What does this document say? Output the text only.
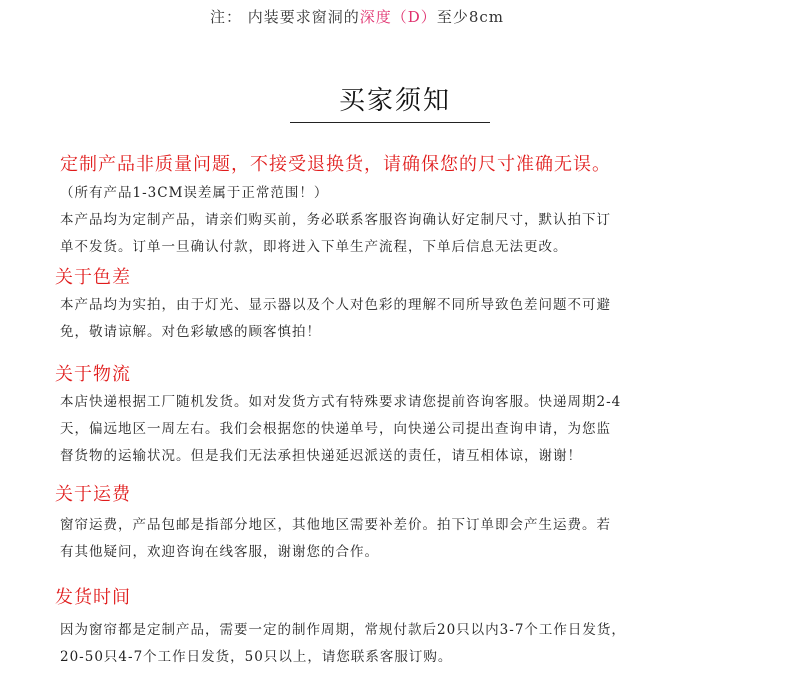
注： 内装要求窗洞的深度（D）至少8cm
买家须知
定制产品非质量问题，不接受退换货，请确保您的尺寸准确无误。
（所有产品1-3CM误差属于正常范围！）
本产品均为定制产品，请亲们购买前，务必联系客服咨询确认好定制尺寸，默认拍下订
单不发货。订单一旦确认付款，即将进入下单生产流程，下单后信息无法更改。
关于色差
本产品均为实拍，由于灯光、显示器以及个人对色彩的理解不同所导致色差问题不可避
免，敬请谅解。对色彩敏感的顾客慎拍！
关于物流
本店快递根据工厂随机发货。如对发货方式有特殊要求请您提前咨询客服。快递周期2-4
天，偏远地区一周左右。我们会根据您的快递单号，向快递公司提出查询申请，为您监
督货物的运输状况。但是我们无法承担快递延迟派送的责任，请互相体谅，谢谢！
关于运费
窗帘运费，产品包邮是指部分地区，其他地区需要补差价。拍下订单即会产生运费。若
有其他疑问，欢迎咨询在线客服，谢谢您的合作。
发货时间
因为窗帘都是定制产品，需要一定的制作周期，常规付款后20只以内3-7个工作日发货，
20-50只4-7个工作日发货，50只以上，请您联系客服订购。
